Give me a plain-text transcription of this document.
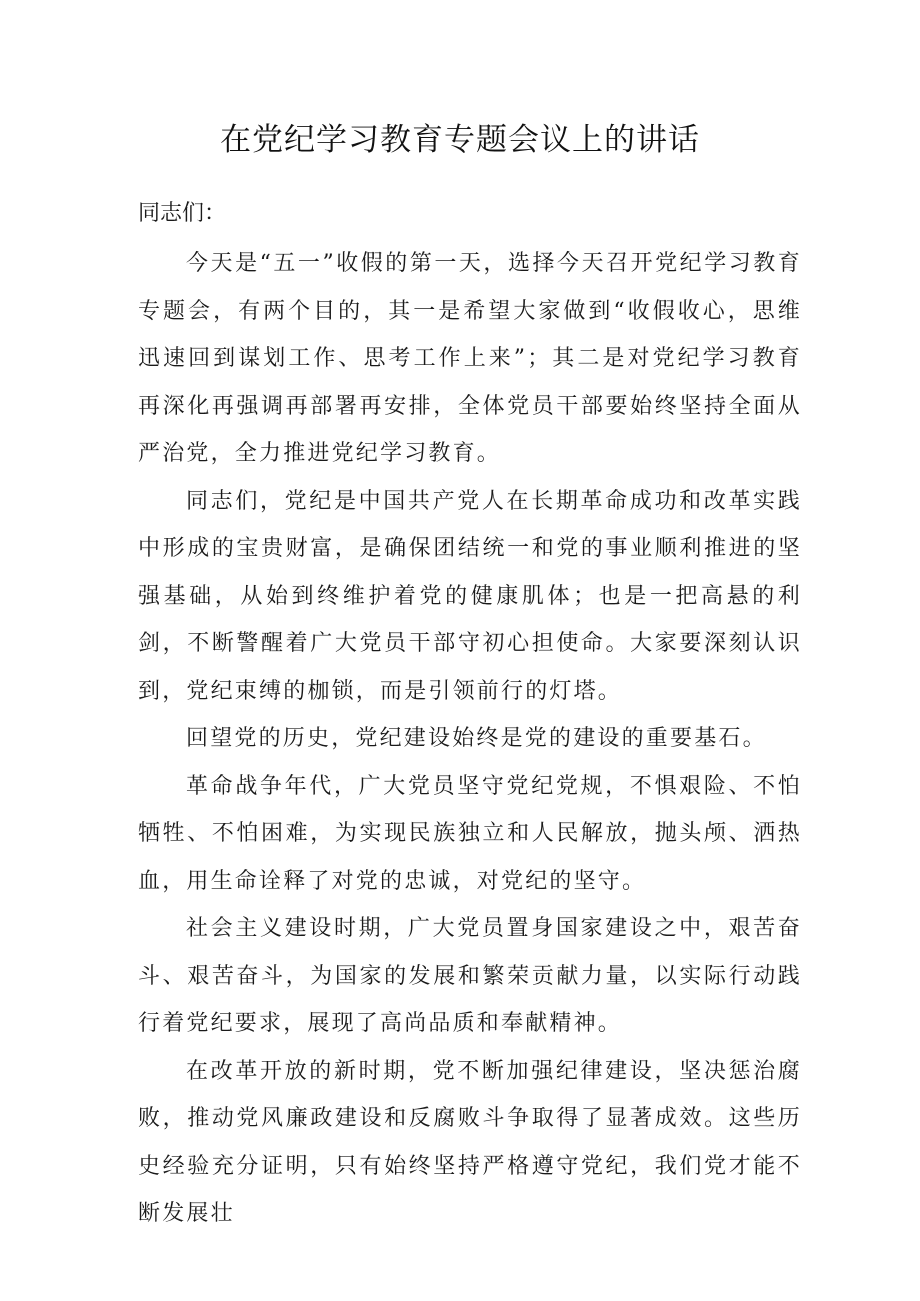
在党纪学习教育专题会议上的讲话

同志们：

今天是“五一”收假的第一天，选择今天召开党纪学习教育专题会，有两个目的，其一是希望大家做到“收假收心，思维迅速回到谋划工作、思考工作上来”；其二是对党纪学习教育再深化再强调再部署再安排，全体党员干部要始终坚持全面从严治党，全力推进党纪学习教育。

同志们，党纪是中国共产党人在长期革命成功和改革实践中形成的宝贵财富，是确保团结统一和党的事业顺利推进的坚强基础，从始到终维护着党的健康肌体；也是一把高悬的利剑，不断警醒着广大党员干部守初心担使命。大家要深刻认识到，党纪束缚的枷锁，而是引领前行的灯塔。

回望党的历史，党纪建设始终是党的建设的重要基石。

革命战争年代，广大党员坚守党纪党规，不惧艰险、不怕牺牲、不怕困难，为实现民族独立和人民解放，抛头颅、洒热血，用生命诠释了对党的忠诚，对党纪的坚守。

社会主义建设时期，广大党员置身国家建设之中，艰苦奋斗、艰苦奋斗，为国家的发展和繁荣贡献力量，以实际行动践行着党纪要求，展现了高尚品质和奉献精神。

在改革开放的新时期，党不断加强纪律建设，坚决惩治腐败，推动党风廉政建设和反腐败斗争取得了显著成效。这些历史经验充分证明，只有始终坚持严格遵守党纪，我们党才能不断发展壮
